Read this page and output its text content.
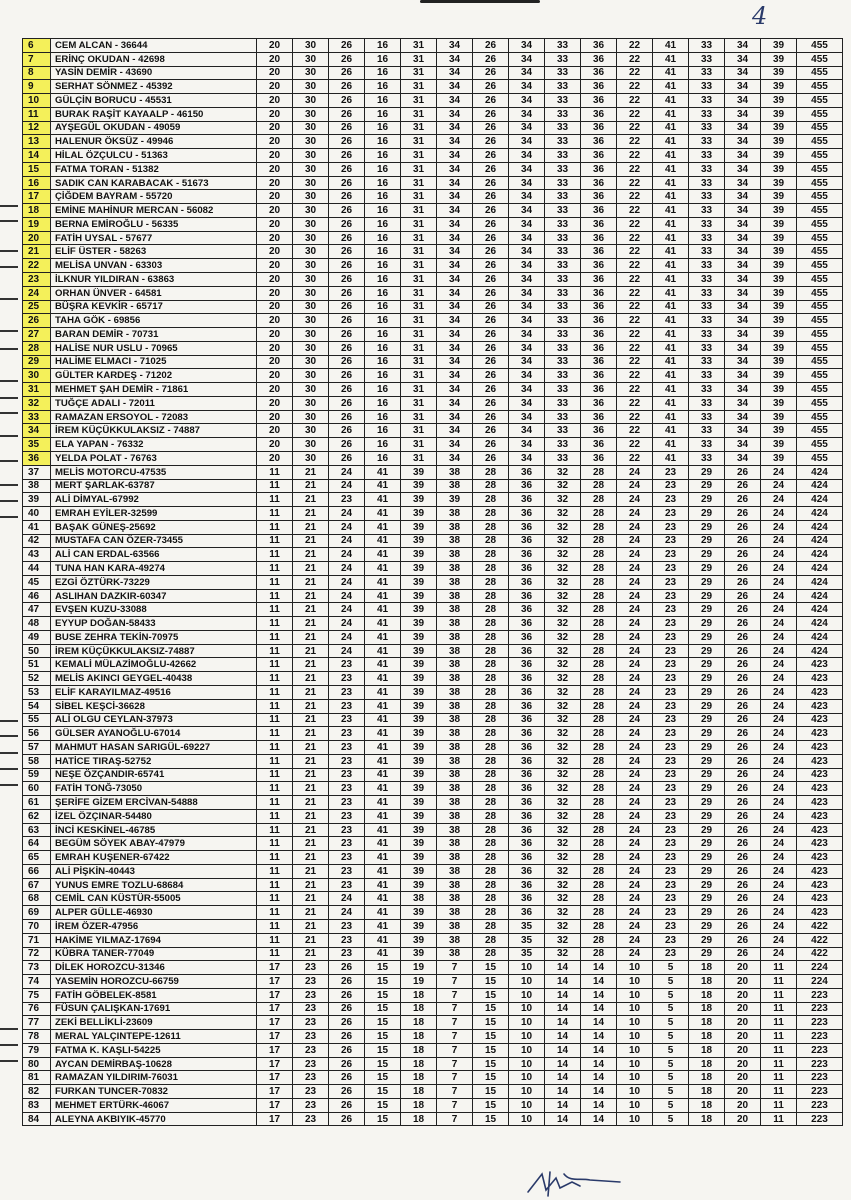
4
6	CEM ALCAN - 36644	20	30	26	16	31	34	26	34	33	36	22	41	33	34	39	455
7	ERİNÇ OKUDAN - 42698	20	30	26	16	31	34	26	34	33	36	22	41	33	34	39	455
8	YASİN DEMİR - 43690	20	30	26	16	31	34	26	34	33	36	22	41	33	34	39	455
9	SERHAT SÖNMEZ - 45392	20	30	26	16	31	34	26	34	33	36	22	41	33	34	39	455
10	GÜLÇİN BORUCU - 45531	20	30	26	16	31	34	26	34	33	36	22	41	33	34	39	455
11	BURAK RAŞİT KAYAALP - 46150	20	30	26	16	31	34	26	34	33	36	22	41	33	34	39	455
12	AYŞEGÜL OKUDAN - 49059	20	30	26	16	31	34	26	34	33	36	22	41	33	34	39	455
13	HALENUR ÖKSÜZ - 49946	20	30	26	16	31	34	26	34	33	36	22	41	33	34	39	455
14	HİLAL ÖZÇULCU - 51363	20	30	26	16	31	34	26	34	33	36	22	41	33	34	39	455
15	FATMA TORAN - 51382	20	30	26	16	31	34	26	34	33	36	22	41	33	34	39	455
16	SADIK CAN KARABACAK - 51673	20	30	26	16	31	34	26	34	33	36	22	41	33	34	39	455
17	ÇİĞDEM BAYRAM - 55720	20	30	26	16	31	34	26	34	33	36	22	41	33	34	39	455
18	EMİNE MAHİNUR MERCAN - 56082	20	30	26	16	31	34	26	34	33	36	22	41	33	34	39	455
19	BERNA EMİROĞLU - 56335	20	30	26	16	31	34	26	34	33	36	22	41	33	34	39	455
20	FATİH UYSAL - 57677	20	30	26	16	31	34	26	34	33	36	22	41	33	34	39	455
21	ELİF ÜSTER - 58263	20	30	26	16	31	34	26	34	33	36	22	41	33	34	39	455
22	MELİSA UNVAN - 63303	20	30	26	16	31	34	26	34	33	36	22	41	33	34	39	455
23	İLKNUR YILDIRAN - 63863	20	30	26	16	31	34	26	34	33	36	22	41	33	34	39	455
24	ORHAN ÜNVER - 64581	20	30	26	16	31	34	26	34	33	36	22	41	33	34	39	455
25	BÜŞRA KEVKİR - 65717	20	30	26	16	31	34	26	34	33	36	22	41	33	34	39	455
26	TAHA GÖK - 69856	20	30	26	16	31	34	26	34	33	36	22	41	33	34	39	455
27	BARAN DEMİR - 70731	20	30	26	16	31	34	26	34	33	36	22	41	33	34	39	455
28	HALİSE NUR USLU - 70965	20	30	26	16	31	34	26	34	33	36	22	41	33	34	39	455
29	HALİME ELMACI - 71025	20	30	26	16	31	34	26	34	33	36	22	41	33	34	39	455
30	GÜLTER KARDEŞ - 71202	20	30	26	16	31	34	26	34	33	36	22	41	33	34	39	455
31	MEHMET ŞAH DEMİR - 71861	20	30	26	16	31	34	26	34	33	36	22	41	33	34	39	455
32	TUĞÇE ADALI - 72011	20	30	26	16	31	34	26	34	33	36	22	41	33	34	39	455
33	RAMAZAN ERSOYOL - 72083	20	30	26	16	31	34	26	34	33	36	22	41	33	34	39	455
34	İREM KÜÇÜKKULAKSIZ - 74887	20	30	26	16	31	34	26	34	33	36	22	41	33	34	39	455
35	ELA YAPAN - 76332	20	30	26	16	31	34	26	34	33	36	22	41	33	34	39	455
36	YELDA POLAT - 76763	20	30	26	16	31	34	26	34	33	36	22	41	33	34	39	455
37	MELİS MOTORCU-47535	11	21	24	41	39	38	28	36	32	28	24	23	29	26	24	424
38	MERT ŞARLAK-63787	11	21	24	41	39	38	28	36	32	28	24	23	29	26	24	424
39	ALİ DİMYAL-67992	11	21	23	41	39	39	28	36	32	28	24	23	29	26	24	424
40	EMRAH EYİLER-32599	11	21	24	41	39	38	28	36	32	28	24	23	29	26	24	424
41	BAŞAK GÜNEŞ-25692	11	21	24	41	39	38	28	36	32	28	24	23	29	26	24	424
42	MUSTAFA CAN ÖZER-73455	11	21	24	41	39	38	28	36	32	28	24	23	29	26	24	424
43	ALİ CAN ERDAL-63566	11	21	24	41	39	38	28	36	32	28	24	23	29	26	24	424
44	TUNA HAN KARA-49274	11	21	24	41	39	38	28	36	32	28	24	23	29	26	24	424
45	EZGİ ÖZTÜRK-73229	11	21	24	41	39	38	28	36	32	28	24	23	29	26	24	424
46	ASLIHAN DAZKIR-60347	11	21	24	41	39	38	28	36	32	28	24	23	29	26	24	424
47	EVŞEN KUZU-33088	11	21	24	41	39	38	28	36	32	28	24	23	29	26	24	424
48	EYYUP DOĞAN-58433	11	21	24	41	39	38	28	36	32	28	24	23	29	26	24	424
49	BUSE ZEHRA TEKİN-70975	11	21	24	41	39	38	28	36	32	28	24	23	29	26	24	424
50	İREM KÜÇÜKKULAKSIZ-74887	11	21	24	41	39	38	28	36	32	28	24	23	29	26	24	424
51	KEMALİ MÜLAZİMOĞLU-42662	11	21	23	41	39	38	28	36	32	28	24	23	29	26	24	423
52	MELİS AKINCI GEYGEL-40438	11	21	23	41	39	38	28	36	32	28	24	23	29	26	24	423
53	ELİF KARAYILMAZ-49516	11	21	23	41	39	38	28	36	32	28	24	23	29	26	24	423
54	SİBEL KEŞCİ-36628	11	21	23	41	39	38	28	36	32	28	24	23	29	26	24	423
55	ALİ OLGU CEYLAN-37973	11	21	23	41	39	38	28	36	32	28	24	23	29	26	24	423
56	GÜLSER AYANOĞLU-67014	11	21	23	41	39	38	28	36	32	28	24	23	29	26	24	423
57	MAHMUT HASAN SARIGÜL-69227	11	21	23	41	39	38	28	36	32	28	24	23	29	26	24	423
58	HATİCE TIRAŞ-52752	11	21	23	41	39	38	28	36	32	28	24	23	29	26	24	423
59	NEŞE ÖZÇANDIR-65741	11	21	23	41	39	38	28	36	32	28	24	23	29	26	24	423
60	FATİH TONĞ-73050	11	21	23	41	39	38	28	36	32	28	24	23	29	26	24	423
61	ŞERİFE GİZEM ERCİVAN-54888	11	21	23	41	39	38	28	36	32	28	24	23	29	26	24	423
62	İZEL ÖZÇINAR-54480	11	21	23	41	39	38	28	36	32	28	24	23	29	26	24	423
63	İNCİ KESKİNEL-46785	11	21	23	41	39	38	28	36	32	28	24	23	29	26	24	423
64	BEGÜM SÖYEK ABAY-47979	11	21	23	41	39	38	28	36	32	28	24	23	29	26	24	423
65	EMRAH KUŞENER-67422	11	21	23	41	39	38	28	36	32	28	24	23	29	26	24	423
66	ALİ PİŞKİN-40443	11	21	23	41	39	38	28	36	32	28	24	23	29	26	24	423
67	YUNUS EMRE TOZLU-68684	11	21	23	41	39	38	28	36	32	28	24	23	29	26	24	423
68	CEMİL CAN KÜSTÜR-55005	11	21	24	41	38	38	28	36	32	28	24	23	29	26	24	423
69	ALPER GÜLLE-46930	11	21	24	41	39	38	28	36	32	28	24	23	29	26	24	423
70	İREM ÖZER-47956	11	21	23	41	39	38	28	35	32	28	24	23	29	26	24	422
71	HAKİME YILMAZ-17694	11	21	23	41	39	38	28	35	32	28	24	23	29	26	24	422
72	KÜBRA TANER-77049	11	21	23	41	39	38	28	35	32	28	24	23	29	26	24	422
73	DİLEK HOROZCU-31346	17	23	26	15	19	7	15	10	14	14	10	5	18	20	11	224
74	YASEMİN HOROZCU-66759	17	23	26	15	19	7	15	10	14	14	10	5	18	20	11	224
75	FATİH GÖBELEK-8581	17	23	26	15	18	7	15	10	14	14	10	5	18	20	11	223
76	FÜSUN ÇALIŞKAN-17691	17	23	26	15	18	7	15	10	14	14	10	5	18	20	11	223
77	ZEKİ BELLİKLİ-23609	17	23	26	15	18	7	15	10	14	14	10	5	18	20	11	223
78	MERAL YALÇINTEPE-12611	17	23	26	15	18	7	15	10	14	14	10	5	18	20	11	223
79	FATMA K. KAŞLI-54225	17	23	26	15	18	7	15	10	14	14	10	5	18	20	11	223
80	AYCAN DEMİRBAŞ-10628	17	23	26	15	18	7	15	10	14	14	10	5	18	20	11	223
81	RAMAZAN YILDIRIM-76031	17	23	26	15	18	7	15	10	14	14	10	5	18	20	11	223
82	FURKAN TUNCER-70832	17	23	26	15	18	7	15	10	14	14	10	5	18	20	11	223
83	MEHMET ERTÜRK-46067	17	23	26	15	18	7	15	10	14	14	10	5	18	20	11	223
84	ALEYNA AKBIYIK-45770	17	23	26	15	18	7	15	10	14	14	10	5	18	20	11	223
